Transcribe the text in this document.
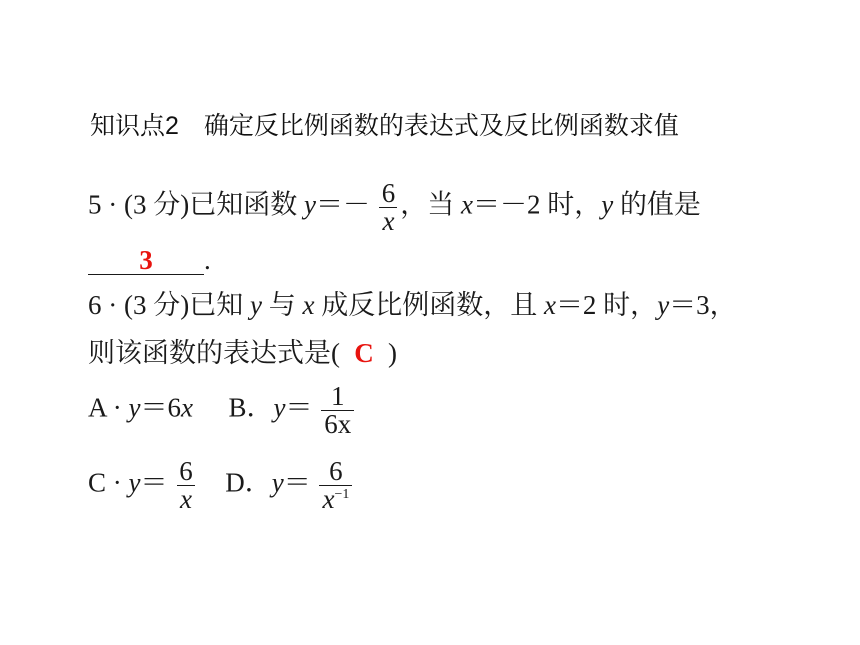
知识点2　确定反比例函数的表达式及反比例函数求值
5 · (3 分)已知函数 $y=- \frac{6}{x}$ ，当 x＝－2 时，y 的值是
3 .
6 · (3 分)已知 y 与 x 成反比例函数，且 x＝2 时，y＝3，
则该函数的表达式是( C )
A · y＝6x B．$y= \frac{1}{6x}$
$C \cdot y= \frac{6}{x}$ D．$y= \frac{6}{x^{-1}}$
